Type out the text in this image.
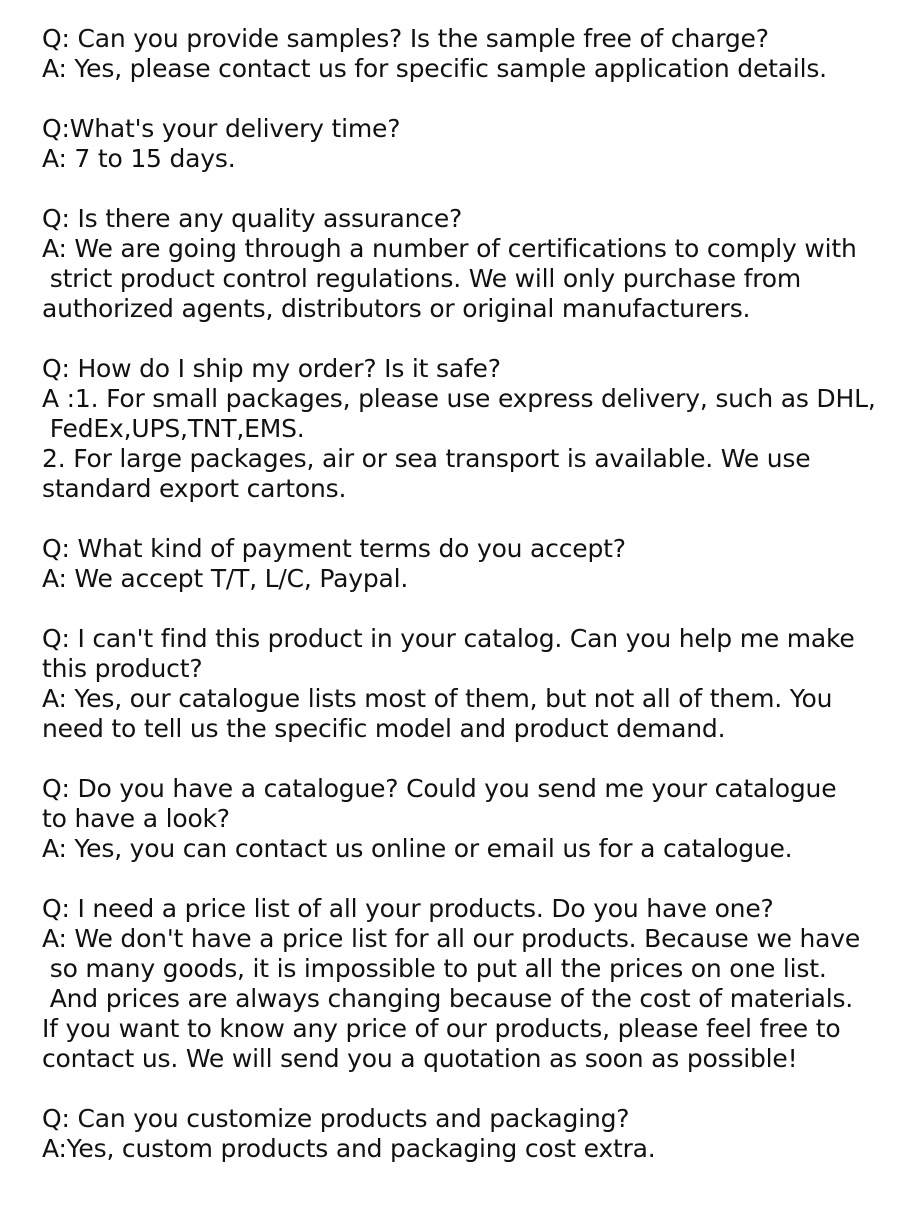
Q: Can you provide samples? Is the sample free of charge?
A: Yes, please contact us for specific sample application details.
Q:What's your delivery time?
A: 7 to 15 days.
Q: Is there any quality assurance?
A: We are going through a number of certifications to comply with
strict product control regulations. We will only purchase from
authorized agents, distributors or original manufacturers.
Q: How do I ship my order? Is it safe?
A :1. For small packages, please use express delivery, such as DHL,
FedEx,UPS,TNT,EMS.
2. For large packages, air or sea transport is available. We use
standard export cartons.
Q: What kind of payment terms do you accept?
A: We accept T/T, L/C, Paypal.
Q: I can't find this product in your catalog. Can you help me make
this product?
A: Yes, our catalogue lists most of them, but not all of them. You
need to tell us the specific model and product demand.
Q: Do you have a catalogue? Could you send me your catalogue
to have a look?
A: Yes, you can contact us online or email us for a catalogue.
Q: I need a price list of all your products. Do you have one?
A: We don't have a price list for all our products. Because we have
so many goods, it is impossible to put all the prices on one list.
And prices are always changing because of the cost of materials.
If you want to know any price of our products, please feel free to
contact us. We will send you a quotation as soon as possible!
Q: Can you customize products and packaging?
A:Yes, custom products and packaging cost extra.
